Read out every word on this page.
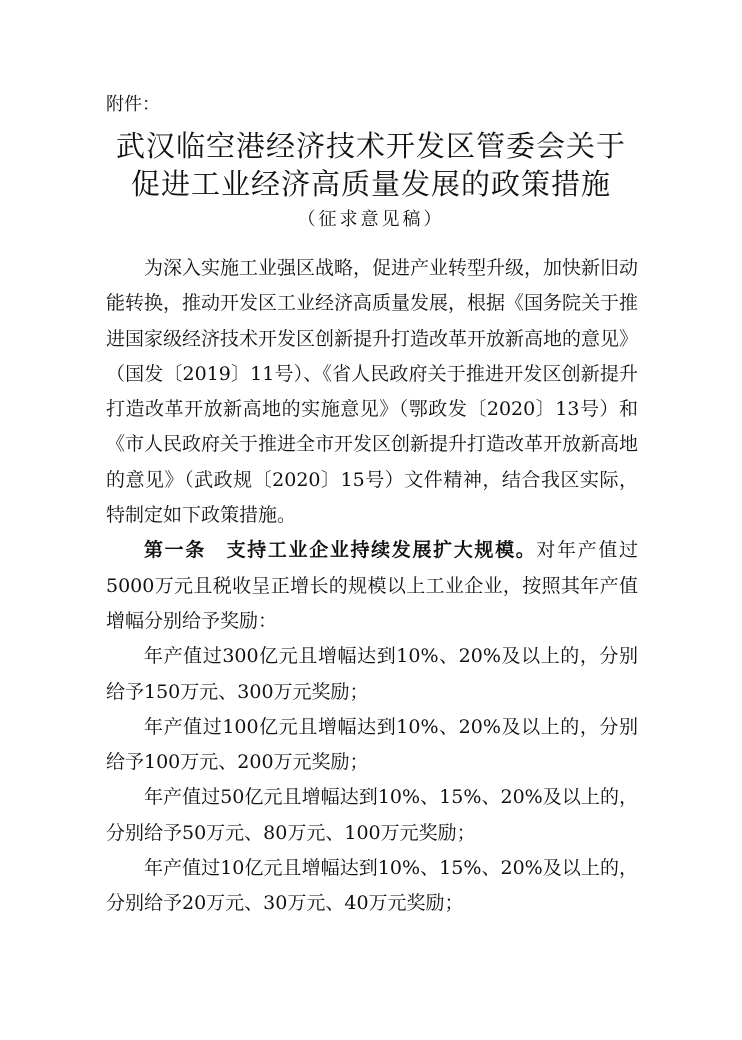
附件：
武汉临空港经济技术开发区管委会关于
促进工业经济高质量发展的政策措施
（征求意见稿）

为深入实施工业强区战略，促进产业转型升级，加快新旧动能转换，推动开发区工业经济高质量发展，根据《国务院关于推进国家级经济技术开发区创新提升打造改革开放新高地的意见》（国发〔2019〕11号）、《省人民政府关于推进开发区创新提升打造改革开放新高地的实施意见》（鄂政发〔2020〕13号）和《市人民政府关于推进全市开发区创新提升打造改革开放新高地的意见》（武政规〔2020〕15号）文件精神，结合我区实际，特制定如下政策措施。

第一条　支持工业企业持续发展扩大规模。对年产值过5000万元且税收呈正增长的规模以上工业企业，按照其年产值增幅分别给予奖励：

年产值过300亿元且增幅达到10%、20%及以上的，分别给予150万元、300万元奖励；

年产值过100亿元且增幅达到10%、20%及以上的，分别给予100万元、200万元奖励；

年产值过50亿元且增幅达到10%、15%、20%及以上的，分别给予50万元、80万元、100万元奖励；

年产值过10亿元且增幅达到10%、15%、20%及以上的，分别给予20万元、30万元、40万元奖励；
